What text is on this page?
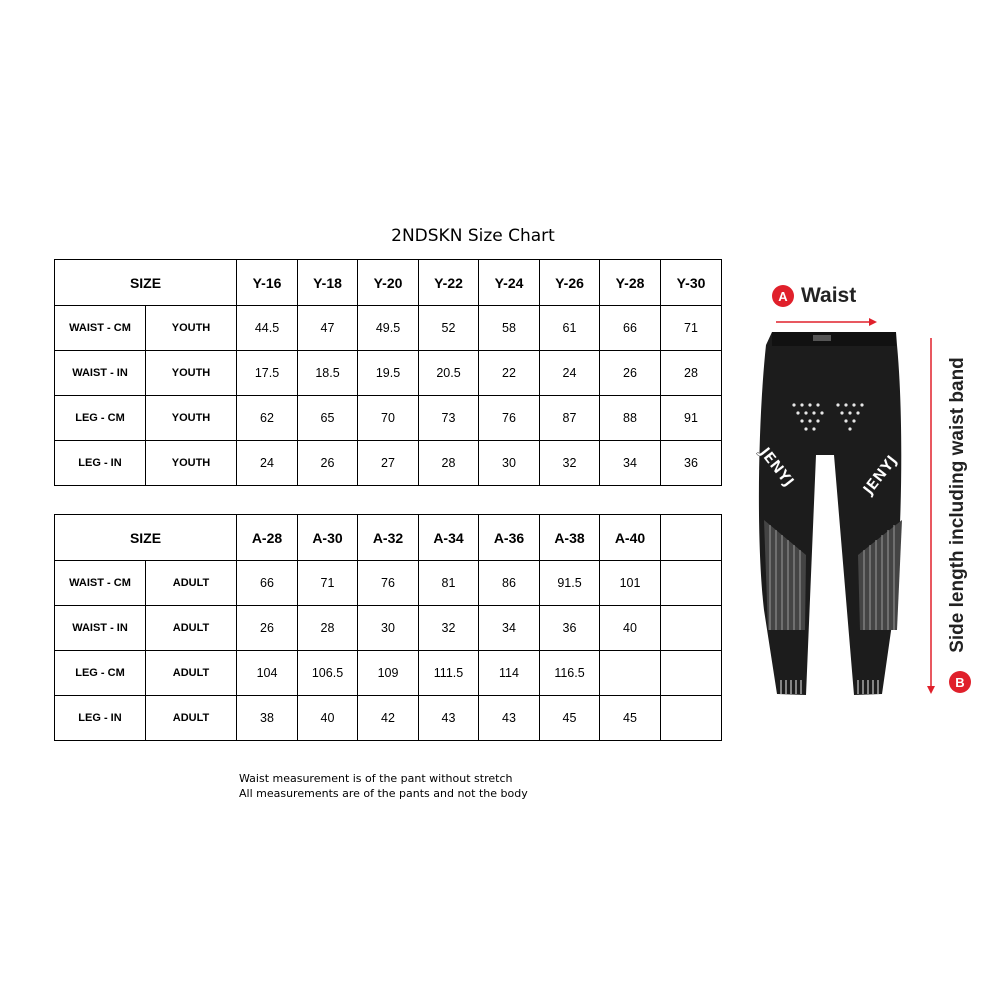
2NDSKN Size Chart
SIZE		Y-16	Y-18	Y-20	Y-22	Y-24	Y-26	Y-28	Y-30
WAIST - CM	YOUTH	44.5	47	49.5	52	58	61	66	71
WAIST - IN	YOUTH	17.5	18.5	19.5	20.5	22	24	26	28
LEG - CM	YOUTH	62	65	70	73	76	87	88	91
LEG - IN	YOUTH	24	26	27	28	30	32	34	36
SIZE		A-28	A-30	A-32	A-34	A-36	A-38	A-40	
WAIST - CM	ADULT	66	71	76	81	86	91.5	101	
WAIST - IN	ADULT	26	28	30	32	34	36	40	
LEG - CM	ADULT	104	106.5	109	111.5	114	116.5		
LEG - IN	ADULT	38	40	42	43	43	45	45	
Waist measurement is of the pant without stretch
All measurements are of the pants and not the body
JENYJ	JENYJ
A Waist
Side length including waist band
B
